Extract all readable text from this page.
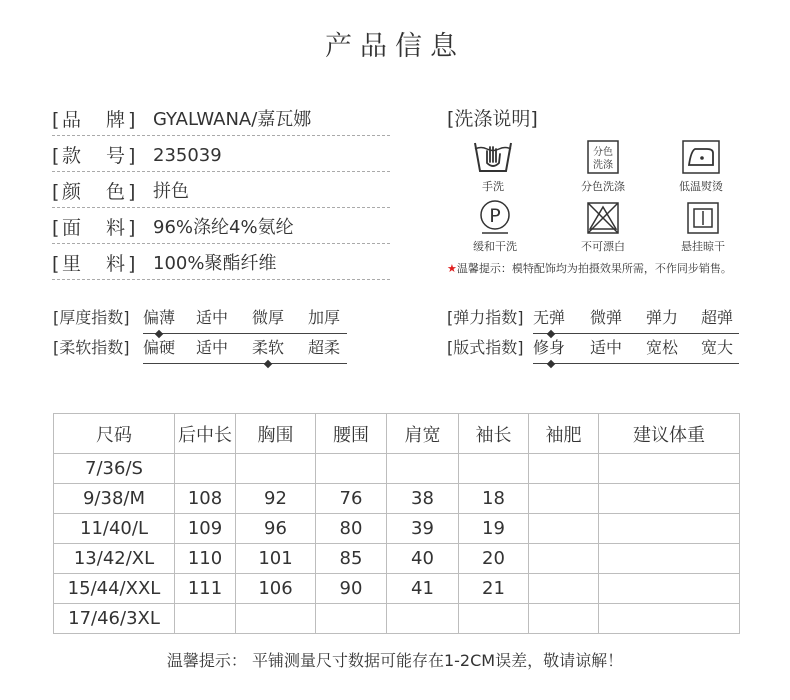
产品信息
[ 品 牌 ] GYALWANA/嘉瓦娜
[ 款 号 ] 235039
[ 颜 色 ] 拼色
[ 面 料 ] 96%涤纶4%氨纶
[ 里 料 ] 100%聚酯纤维
[洗涤说明]
手洗
分色
洗涤
分色洗涤	低温熨烫
P
缓和干洗	不可漂白	悬挂晾干
★温馨提示：模特配饰均为拍摄效果所需，不作同步销售。
[厚度指数] 偏薄 适中 微厚 加厚
[柔软指数] 偏硬 适中 柔软 超柔
[弹力指数] 无弹 微弹 弹力 超弹
[版式指数] 修身 适中 宽松 宽大
尺码	后中长	胸围	腰围	肩宽	袖长	袖肥	建议体重
7/36/S							
9/38/M	108	92	76	38	18		
11/40/L	109	96	80	39	19		
13/42/XL	110	101	85	40	20		
15/44/XXL	111	106	90	41	21		
17/46/3XL							
温馨提示： 平铺测量尺寸数据可能存在1-2CM误差，敬请谅解！
